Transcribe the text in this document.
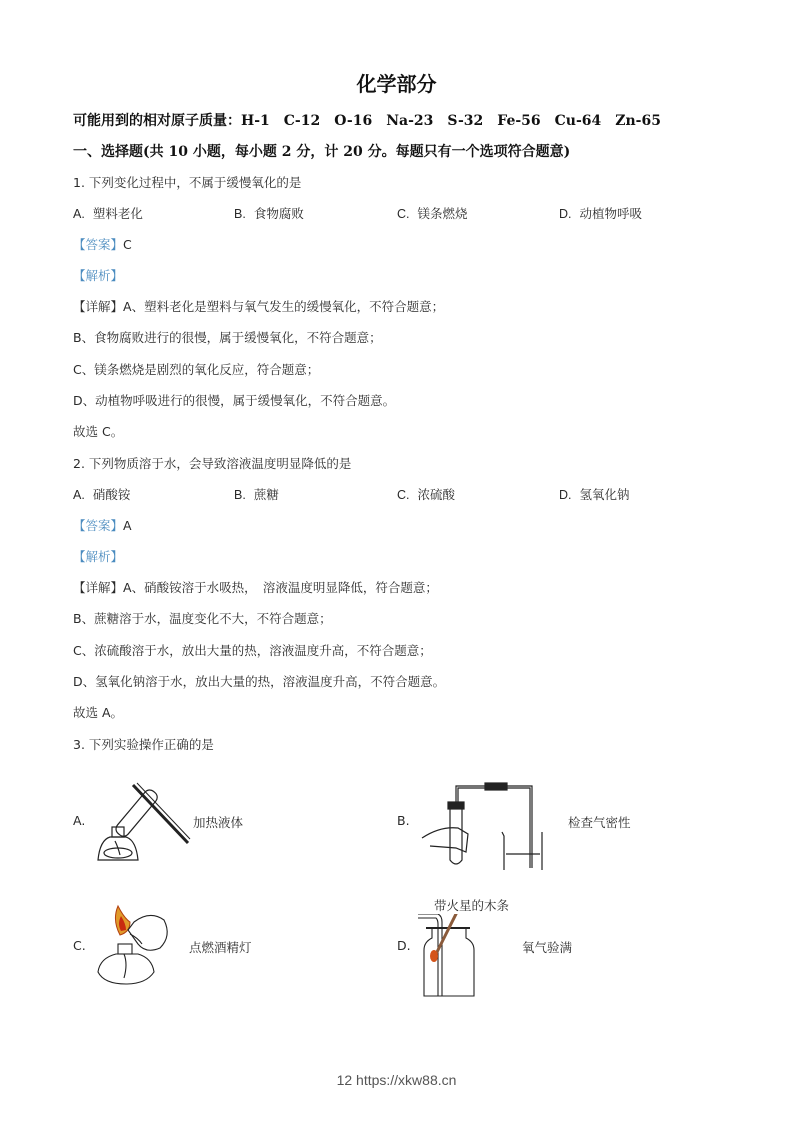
化学部分
可能用到的相对原子质量：H-1　C-12　O-16　Na-23　S-32　Fe-56　Cu-64　Zn-65
一、选择题(共 10 小题，每小题 2 分，计 20 分。每题只有一个选项符合题意)
1. 下列变化过程中，不属于缓慢氧化的是
A. 塑料老化	B. 食物腐败	C. 镁条燃烧	D. 动植物呼吸
【答案】C
【解析】
【详解】A、塑料老化是塑料与氧气发生的缓慢氧化，不符合题意；
B、食物腐败进行的很慢，属于缓慢氧化，不符合题意；
C、镁条燃烧是剧烈的氧化反应，符合题意；
D、动植物呼吸进行的很慢，属于缓慢氧化，不符合题意。
故选 C。
2. 下列物质溶于水，会导致溶液温度明显降低的是
A. 硝酸铵	B. 蔗糖	C. 浓硫酸	D. 氢氧化钠
【答案】A
【解析】
【详解】A、硝酸铵溶于水吸热，　溶液温度明显降低，符合题意；
B、蔗糖溶于水，温度变化不大，不符合题意；
C、浓硫酸溶于水，放出大量的热，溶液温度升高，不符合题意；
D、氢氧化钠溶于水，放出大量的热，溶液温度升高，不符合题意。
故选 A。
3. 下列实验操作正确的是
A.	加热液体	B.	检查气密性
C.	点燃酒精灯	D.
带火星的木条
氧气验满
12 https://xkw88.cn
